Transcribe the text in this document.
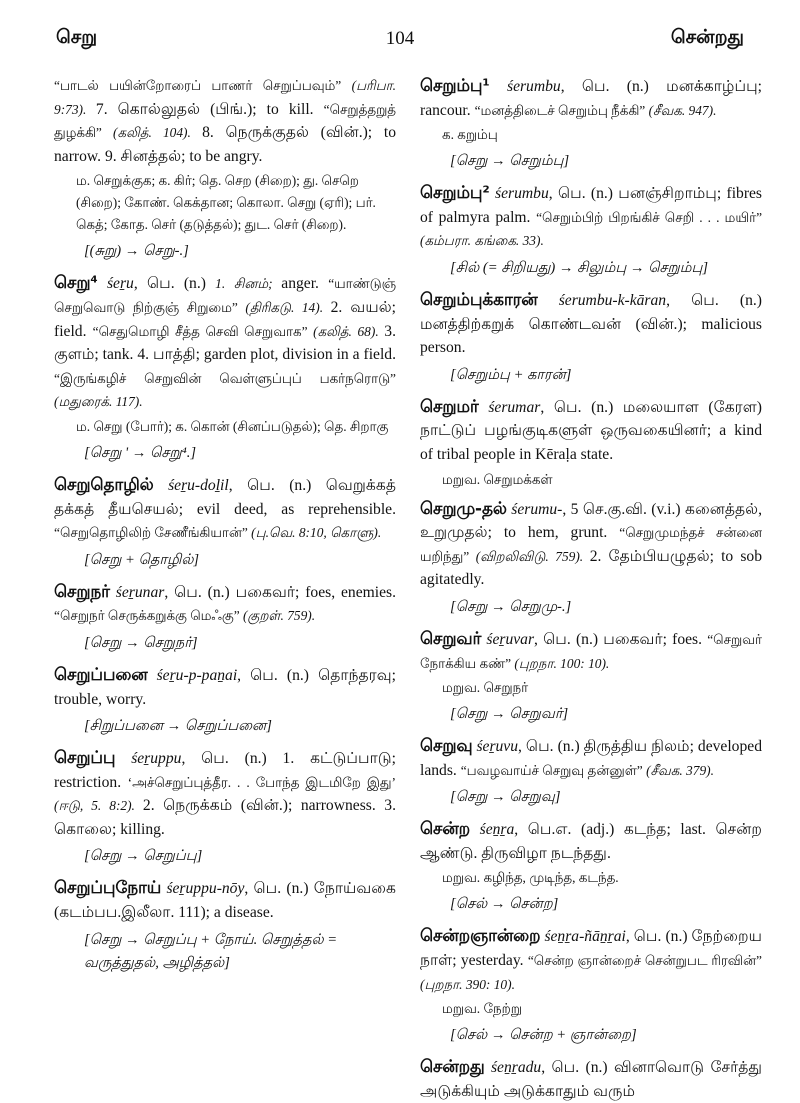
செறு	104	சென்றது
“பாடல் பயின்றோரைப் பாணர் செறுப்பவும்” (பரிபா. 9:73). 7. கொல்லுதல் (பிங்.); to kill. “செறுத்தறுத் துழக்கி” (கலித். 104). 8. நெருக்குதல் (வின்.); to narrow. 9. சினத்தல்; to be angry.
ம. செறுக்குக; க. கிர்; தெ. செற (சிறை); து. செறெ (சிறை); கோண். கெக்தான; கொலா. செறு (ஏரி); பர். கெத்; கோத. செர் (தடுத்தல்); துட. செர் (சிறை).
[(சுறு) → செறு-.]
செறு⁴ śeṟu, பெ. (n.) 1. சினம்; anger. “யாண்டுஞ் செறுவொடு நிற்குஞ் சிறுமை” (திரிகடு. 14). 2. வயல்; field. “செதுமொழி சீத்த செவி செறுவாக” (கலித். 68). 3. குளம்; tank. 4. பாத்தி; garden plot, division in a field. “இருங்கழிச் செறுவின் வெள்ளுப்புப் பகர்நரொடு” (மதுரைக். 117).
ம. செறு (போர்); க. கொன் (சினப்படுதல்); தெ. சிறாகு
[செறு ' → செறு⁴.]
செறுதொழில் śeṟu-doḻil, பெ. (n.) வெறுக்கத் தக்கத் தீயசெயல்; evil deed, as reprehensible. “செறுதொழிலிற் சேணீங்கியான்” (பு.வெ. 8:10, கொளு).
[செறு + தொழில்]
செறுநர் śeṟunar, பெ. (n.) பகைவர்; foes, enemies. “செறுநர் செருக்கறுக்கு மெஃகு” (குறள். 759).
[செறு → செறுநர்]
செறுப்பனை śeṟu-p-paṉai, பெ. (n.) தொந்தரவு; trouble, worry.
[சிறுப்பனை → செறுப்பனை]
செறுப்பு śeṟuppu, பெ. (n.) 1. கட்டுப்பாடு; restriction. ‘அச்செறுப்புத்தீர. . . போந்த இடமிறே இது’ (ஈடு, 5. 8:2). 2. நெருக்கம் (வின்.); narrowness. 3. கொலை; killing.
[செறு → செறுப்பு]
செறுப்புநோய் śeṟuppu-nōy, பெ. (n.) நோய்வகை (கடம்பப.இலீலா. 111); a disease.
[செறு → செறுப்பு + நோய். செறுத்தல் = வருத்துதல், அழித்தல்]
செறும்பு¹ śerumbu, பெ. (n.) மனக்காழ்ப்பு; rancour. “மனத்திடைச் செறும்பு நீக்கி” (சீவக. 947).
க. கறும்பு
[செறு → செறும்பு]
செறும்பு² śerumbu, பெ. (n.) பனஞ்சிறாம்பு; fibres of palmyra palm. “செறும்பிற் பிறங்கிச் செறி . . . மயிர்” (கம்பரா. கங்கை. 33).
[சில் (= சிறியது) → சிலும்பு → செறும்பு]
செறும்புக்காரன் śerumbu-k-kāran, பெ. (n.) மனத்திற்கறுக் கொண்டவன் (வின்.); malicious person.
[செறும்பு + காரன்]
செறுமர் śerumar, பெ. (n.) மலையாள (கேரள) நாட்டுப் பழங்குடிகளுள் ஒருவகையினர்; a kind of tribal people in Kēraḷa state.
மறுவ. செறுமக்கள்
செறுமு-தல் śerumu-, 5 செ.கு.வி. (v.i.) கனைத்தல், உறுமுதல்; to hem, grunt. “செறுமுமந்தச் சன்னை யறிந்து” (விறலிவிடு. 759). 2. தேம்பியழுதல்; to sob agitatedly.
[செறு → செறுமு-.]
செறுவர் śeṟuvar, பெ. (n.) பகைவர்; foes. “செறுவர் நோக்கிய கண்” (புறநா. 100: 10).
மறுவ. செறுநர்
[செறு → செறுவர்]
செறுவு śeṟuvu, பெ. (n.) திருத்திய நிலம்; developed lands. “பவழவாய்ச் செறுவு தன்னுள்” (சீவக. 379).
[செறு → செறுவு]
சென்ற śeṉṟa, பெ.எ. (adj.) கடந்த; last. சென்ற ஆண்டு. திருவிழா நடந்தது.
மறுவ. கழிந்த, முடிந்த, கடந்த.
[செல் → சென்ற]
சென்றஞான்றை śeṉṟa-ñāṉṟai, பெ. (n.) நேற்றைய நாள்; yesterday. “சென்ற ஞான்றைச் சென்றுபட ரிரவின்” (புறநா. 390: 10).
மறுவ. நேற்று
[செல் → சென்ற + ஞான்றை]
சென்றது śeṉṟadu, பெ. (n.) வினாவொடு சேர்த்து அடுக்கியும் அடுக்காதும் வரும்
